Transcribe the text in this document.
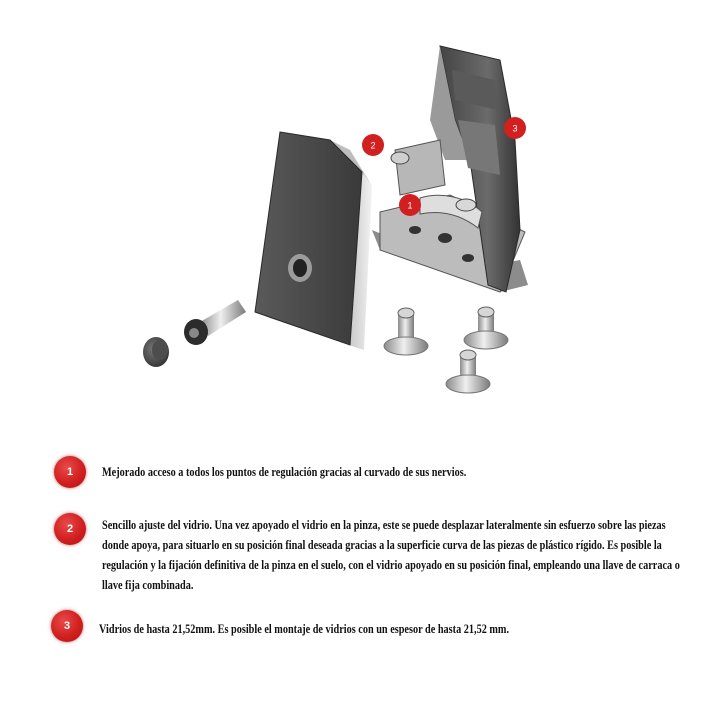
1
2
3
1	Mejorado acceso a todos los puntos de regulación gracias al curvado de sus nervios.
2	Sencillo ajuste del vidrio. Una vez apoyado el vidrio en la pinza, este se puede desplazar lateralmente sin esfuerzo sobre las piezas donde apoya, para situarlo en su posición final deseada gracias a la superficie curva de las piezas de plástico rígido. Es posible la regulación y la fijación definitiva de la pinza en el suelo, con el vidrio apoyado en su posición final, empleando una llave de carraca o llave fija combinada.
3	Vidrios de hasta 21,52mm. Es posible el montaje de vidrios con un espesor de hasta 21,52 mm.
